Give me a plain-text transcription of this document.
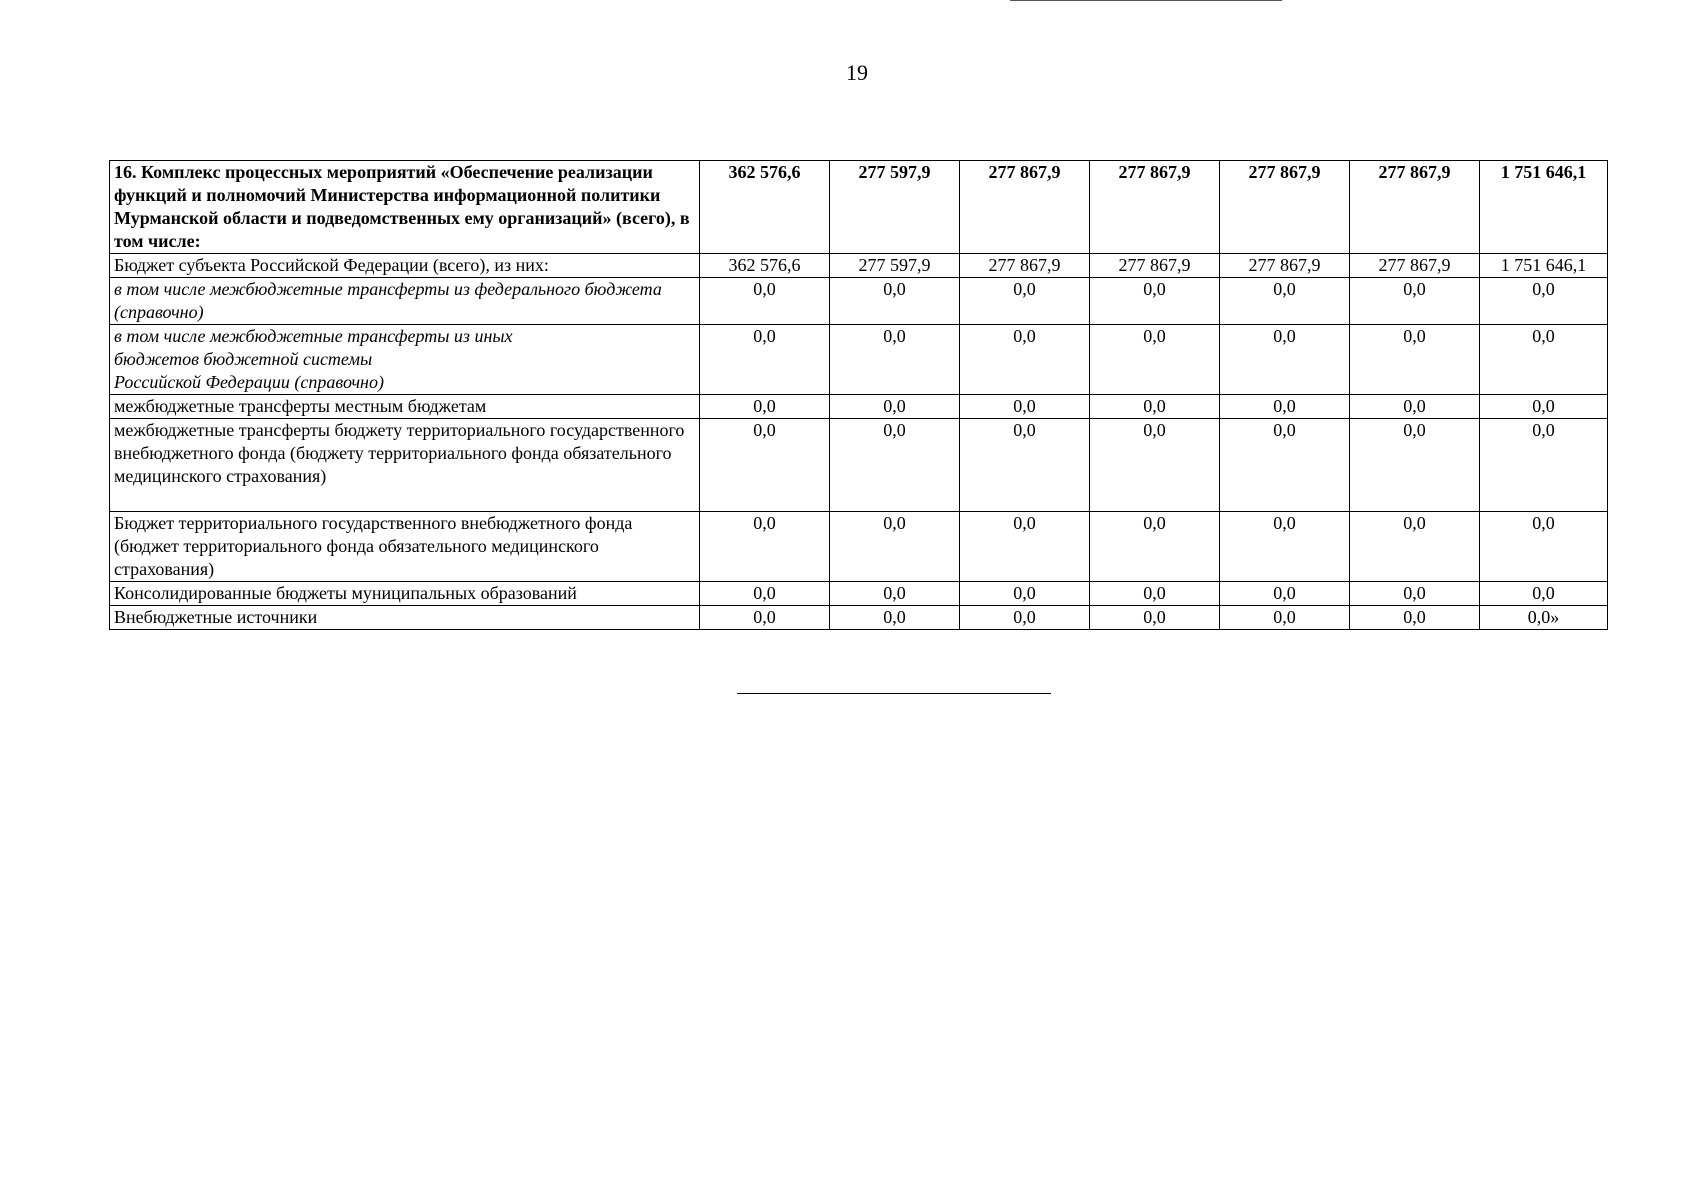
19
16. Комплекс процессных мероприятий «Обеспечение реализации функций и полномочий Министерства информационной политики Мурманской области и подведомственных ему организаций» (всего), в том числе:	362 576,6	277 597,9	277 867,9	277 867,9	277 867,9	277 867,9	1 751 646,1
Бюджет субъекта Российской Федерации (всего), из них:	362 576,6	277 597,9	277 867,9	277 867,9	277 867,9	277 867,9	1 751 646,1
в том числе межбюджетные трансферты из федерального бюджета (справочно)	0,0	0,0	0,0	0,0	0,0	0,0	0,0

в том числе межбюджетные трансферты из иных бюджетов бюджетной системы
Российской Федерации (справочно)	0,0	0,0	0,0	0,0	0,0	0,0	0,0
межбюджетные трансферты местным бюджетам	0,0	0,0	0,0	0,0	0,0	0,0	0,0
межбюджетные трансферты бюджету территориального государственного внебюджетного фонда (бюджету территориального фонда обязательного медицинского страхования)	0,0	0,0	0,0	0,0	0,0	0,0	0,0
Бюджет территориального государственного внебюджетного фонда (бюджет территориального фонда обязательного медицинского страхования)	0,0	0,0	0,0	0,0	0,0	0,0	0,0
Консолидированные бюджеты муниципальных образований	0,0	0,0	0,0	0,0	0,0	0,0	0,0
Внебюджетные источники	0,0	0,0	0,0	0,0	0,0	0,0	0,0»
